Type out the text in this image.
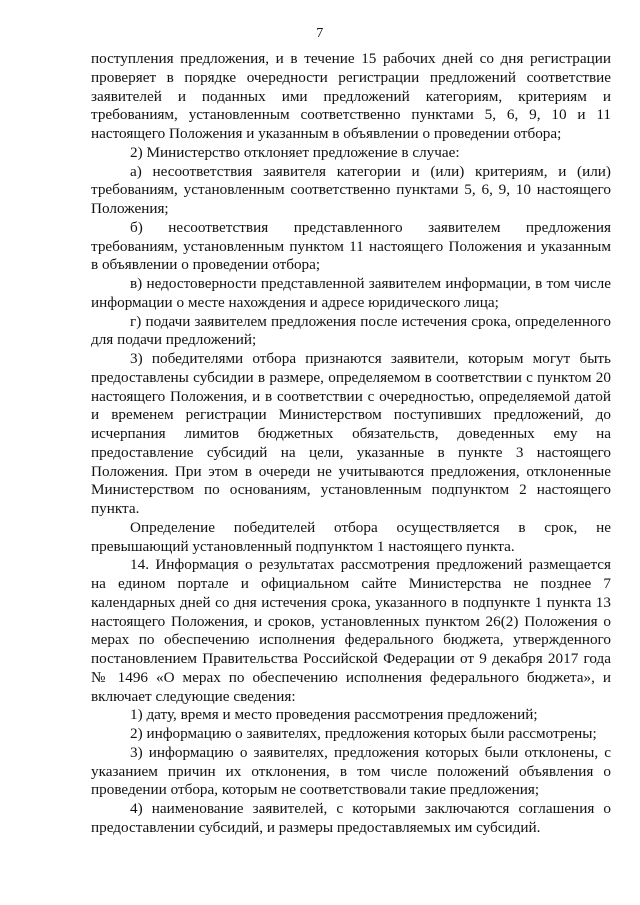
7

поступления предложения, и в течение 15 рабочих дней со дня регистрации проверяет в порядке очередности регистрации предложений соответствие заявителей и поданных ими предложений категориям, критериям и требованиям, установленным соответственно пунктами 5, 6, 9, 10 и 11 настоящего Положения и указанным в объявлении о проведении отбора;

2) Министерство отклоняет предложение в случае:

а) несоответствия заявителя категории и (или) критериям, и (или) требованиям, установленным соответственно пунктами 5, 6, 9, 10 настоящего Положения;

б) несоответствия представленного заявителем предложения требованиям, установленным пунктом 11 настоящего Положения и указанным в объявлении о проведении отбора;

в) недостоверности представленной заявителем информации, в том числе информации о месте нахождения и адресе юридического лица;

г) подачи заявителем предложения после истечения срока, определенного для подачи предложений;

3) победителями отбора признаются заявители, которым могут быть предоставлены субсидии в размере, определяемом в соответствии с пунктом 20 настоящего Положения, и в соответствии с очередностью, определяемой датой и временем регистрации Министерством поступивших предложений, до исчерпания лимитов бюджетных обязательств, доведенных ему на предоставление субсидий на цели, указанные в пункте 3 настоящего Положения. При этом в очереди не учитываются предложения, отклоненные Министерством по основаниям, установленным подпунктом 2 настоящего пункта.

Определение победителей отбора осуществляется в срок, не превышающий установленный подпунктом 1 настоящего пункта.

14. Информация о результатах рассмотрения предложений размещается на едином портале и официальном сайте Министерства не позднее 7 календарных дней со дня истечения срока, указанного в подпункте 1 пункта 13 настоящего Положения, и сроков, установленных пунктом 26(2) Положения о мерах по обеспечению исполнения федерального бюджета, утвержденного постановлением Правительства Российской Федерации от 9 декабря 2017 года № 1496 «О мерах по обеспечению исполнения федерального бюджета», и включает следующие сведения:

1) дату, время и место проведения рассмотрения предложений;

2) информацию о заявителях, предложения которых были рассмотрены;

3) информацию о заявителях, предложения которых были отклонены, с указанием причин их отклонения, в том числе положений объявления о проведении отбора, которым не соответствовали такие предложения;

4) наименование заявителей, с которыми заключаются соглашения о предоставлении субсидий, и размеры предоставляемых им субсидий.
